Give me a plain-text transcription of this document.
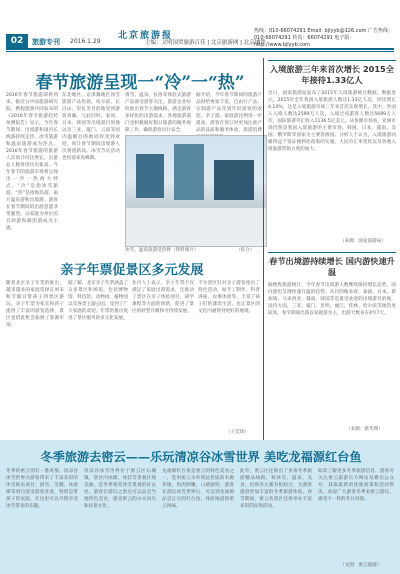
02	旅游专刊 2016.1.29
北京旅游报
主编：文明国贸旅游百佳 | 北京旅游网 | 北京地铁
热线：010-66074291 Email: bjlyyb@126.com 广告热线：010-66074291 传真：66074291 电子版：http://www.bjlyyb.com
春节旅游呈现一“冷”一“热”
2016年春节旅游即将到来。据近日中国旅游研究院、携程旅游共同发布的《2016年春节旅游趋势预测报告》显示，今年春节期间，出境游和国内长线游持续走热，冰雪旅游和温泉旅游成为热点。2016年春节旅游的旅游人次预计同比增长，出游总人数将创历史新高。今年春节的旅游市场将呈现出一冷一热两大特点。“冷”是指冰雪旅游，“热”是指海岛游、南方温泉游和出境游。游客在春节期间的出游意愿非常强烈，以家庭为单位的自助游和跟团游成为主流。
东北地区、京津冀地区冰雪旅游产品热销，哈尔滨、长白山、崇礼等目的地受到游客青睐。与此同时，泰国、日本、韩国等出境游目的地以及三亚、厦门、云南等国内温暖目的地同样受到欢迎，预计春节期间出境游人次将创新高。冰雪节庆活动也将迎来高峰期。
滑雪、温泉、民俗等体验式旅游产品备受游客关注。旅游企业纷纷推出春节主题线路，满足游客多样化的出游需求。各地旅游部门也积极做好假日旅游的服务保障工作，确保游客出行安全。
据介绍，今年春节期间的旅游产品供给更加丰富，自由行产品、定制游产品受到年轻游客的欢迎，亲子游、家庭游比例进一步提高。游客在预订时更加注重产品的品质和服务体验，旅游消费
冰雪、温泉旅游受热捧（资料图片）	（综合）
亲子年票促景区多元发展
随着北京亲子年票的推出，越来越多的家庭选择在周末和节假日带孩子到景区游玩。亲子年票为家长和孩子提供了丰富的游览选择，景区也借此机会拓展了客源市场。
据了解，北京亲子年票涵盖了众多景区和场馆，包括博物馆、科技馆、动物园、植物园以及各类主题公园，受到了广大家庭的欢迎。年票的推出促进了景区服务的多元化发展。
业内人士表示，亲子年票不仅满足了家庭出游需求，还推动了景区在亲子体验项目、研学课程等方面的创新，促进了景区的转型升级和可持续发展。
不少景区针对亲子游客推出了特色活动，如手工制作、科普讲座、农事体验等，丰富了孩子们的课余生活，也让景区的文化内涵得到更好的展现。
（王佳琦）
入境旅游三年来首次增长 2015全年接待1.33亿人
近日，国家旅游局发布了2015年入境旅游统计数据。数据显示，2015年全年我国入境旅游人数达1.33亿人次，同比增长4.14%，这是入境旅游市场三年来首次实现增长。其中，外国人入境人数达2599万人次，入境过夜游客人数达5689万人次，国际旅游外汇收入1136.5亿美元。从客源市场看，亚洲市场仍然是我国入境旅游的主要市场。韩国、日本、越南、美国、俄罗斯等国家为主要客源国。分析人士认为，入境旅游回暖得益于签证便利化政策的实施、人民币汇率变化以及各地入境旅游营销力度的加大。
（来源：国家旅游局）
春节出境游持续增长 国内游快速升温
据携程旅游统计，今年春节出境游人数继续保持增长态势，国内游也呈现快速升温的趋势。从目的地来看，泰国、日本、新加坡、马来西亚、越南、韩国等是最受欢迎的出境游目的地。国内方面，三亚、厦门、昆明、丽江、桂林、哈尔滨等地热度较高。春节期间出游以家庭游为主，出游天数多在4至7天。
（来源：新华网）
冬季旅游去密云——乐玩清凉谷冰雪世界 美吃龙福源红台鱼
冬季的密云别有一番风情。清凉谷冰雪世界为游客带来了丰富多彩的冰雪娱乐项目，滑雪、雪圈、冰滑梯等项目深受游客喜爱，特别是带孩子的家庭，在这里可以尽情享受冰雪带来的乐趣。
清凉谷冰雪世界位于密云区石城镇，景区内冰瀑、冰挂等景观壮观美丽，是冬季观赏冰雪景观的好去处。游客在游玩之余还可以品尝当地特色美食，感受密云的山水风光和民俗文化。
龙福源红台鱼是密云的特色美食之一，选用密云水库周边优质的水源养殖，鱼肉鲜嫩，口感独特。游客在游玩冰雪世界后，可以到龙福源品尝正宗的红台鱼，体验地道的密云风味。
此外，密云区还推出了多条冬季旅游精品线路，将冰雪、温泉、美食、民俗等元素有机结合，为游客提供更加丰富的冬季旅游体验。春节期间，密云各景区还将举办丰富多彩的民俗活动。
如需了解更多冬季旅游信息，游客可关注密云旅游官方网站及微信公众号，获取最新的优惠政策和活动资讯。欢迎广大游客冬季来密云游玩，感受不一样的冬日风情。
（文图：密云旅游）
